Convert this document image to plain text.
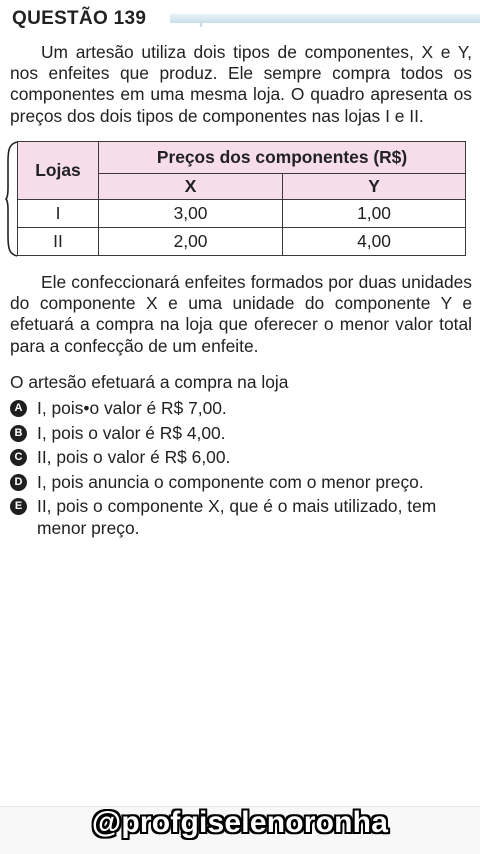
QUESTÃO 139
Um artesão utiliza dois tipos de componentes, X e Y, nos enfeites que produz. Ele sempre compra todos os componentes em uma mesma loja. O quadro apresenta os preços dos dois tipos de componentes nas lojas I e II.
Lojas	Preços dos componentes (R$)	
	X	Y
I	3,00	1,00
II	2,00	4,00
Ele confeccionará enfeites formados por duas unidades do componente X e uma unidade do componente Y e efetuará a compra na loja que oferecer o menor valor total para a confecção de um enfeite.
O artesão efetuará a compra na loja
A I, pois•o valor é R$ 7,00.
B I, pois o valor é R$ 4,00.
C II, pois o valor é R$ 6,00.
D I, pois anuncia o componente com o menor preço.
E II, pois o componente X, que é o mais utilizado, tem menor preço.
@profgiselenoronha
